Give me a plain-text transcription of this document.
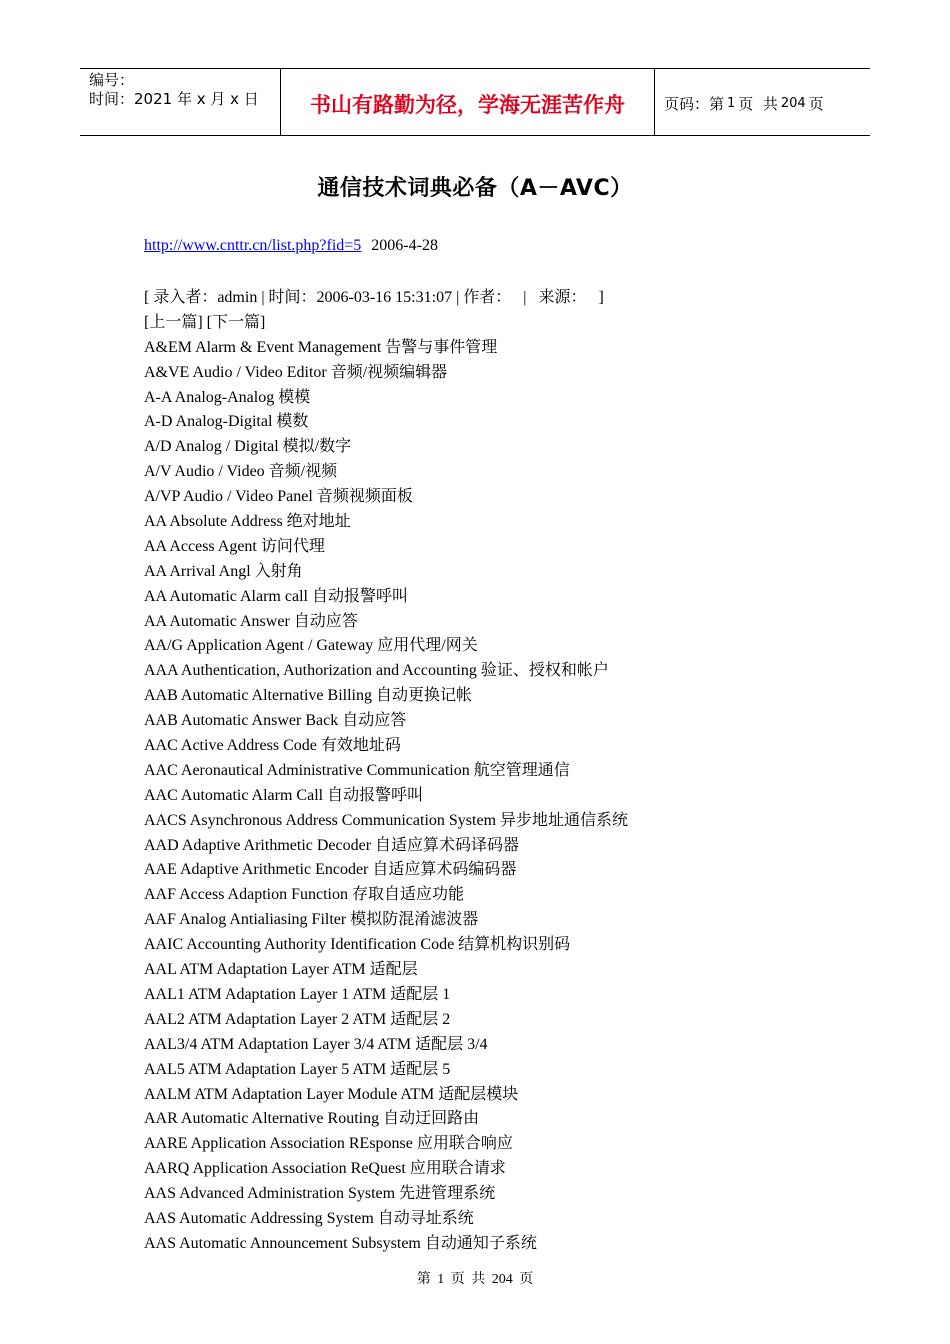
编号：
时间：2021 年 x 月 x 日	书山有路勤为径，学海无涯苦作舟	页码：第 1 页  共 204 页
通信技术词典必备（A－AVC）
http://www.cnttr.cn/list.php?fid=5 2006-4-28
[ 录入者：admin | 时间：2006-03-16 15:31:07 | 作者：   |   来源：   ]
[上一篇] [下一篇]
A&EM Alarm & Event Management 告警与事件管理
A&VE Audio / Video Editor 音频/视频编辑器
A-A Analog-Analog 模模
A-D Analog-Digital 模数
A/D Analog / Digital 模拟/数字
A/V Audio / Video 音频/视频
A/VP Audio / Video Panel 音频视频面板
AA Absolute Address 绝对地址
AA Access Agent 访问代理
AA Arrival Angl 入射角
AA Automatic Alarm call 自动报警呼叫
AA Automatic Answer 自动应答
AA/G Application Agent / Gateway 应用代理/网关
AAA Authentication, Authorization and Accounting 验证、授权和帐户
AAB Automatic Alternative Billing 自动更换记帐
AAB Automatic Answer Back 自动应答
AAC Active Address Code 有效地址码
AAC Aeronautical Administrative Communication 航空管理通信
AAC Automatic Alarm Call 自动报警呼叫
AACS Asynchronous Address Communication System 异步地址通信系统
AAD Adaptive Arithmetic Decoder 自适应算术码译码器
AAE Adaptive Arithmetic Encoder 自适应算术码编码器
AAF Access Adaption Function 存取自适应功能
AAF Analog Antialiasing Filter 模拟防混淆滤波器
AAIC Accounting Authority Identification Code 结算机构识别码
AAL ATM Adaptation Layer ATM 适配层
AAL1 ATM Adaptation Layer 1 ATM 适配层 1
AAL2 ATM Adaptation Layer 2 ATM 适配层 2
AAL3/4 ATM Adaptation Layer 3/4 ATM 适配层 3/4
AAL5 ATM Adaptation Layer 5 ATM 适配层 5
AALM ATM Adaptation Layer Module ATM 适配层模块
AAR Automatic Alternative Routing 自动迂回路由
AARE Application Association REsponse 应用联合响应
AARQ Application Association ReQuest 应用联合请求
AAS Advanced Administration System 先进管理系统
AAS Automatic Addressing System 自动寻址系统
AAS Automatic Announcement Subsystem 自动通知子系统
第 1 页 共 204 页
